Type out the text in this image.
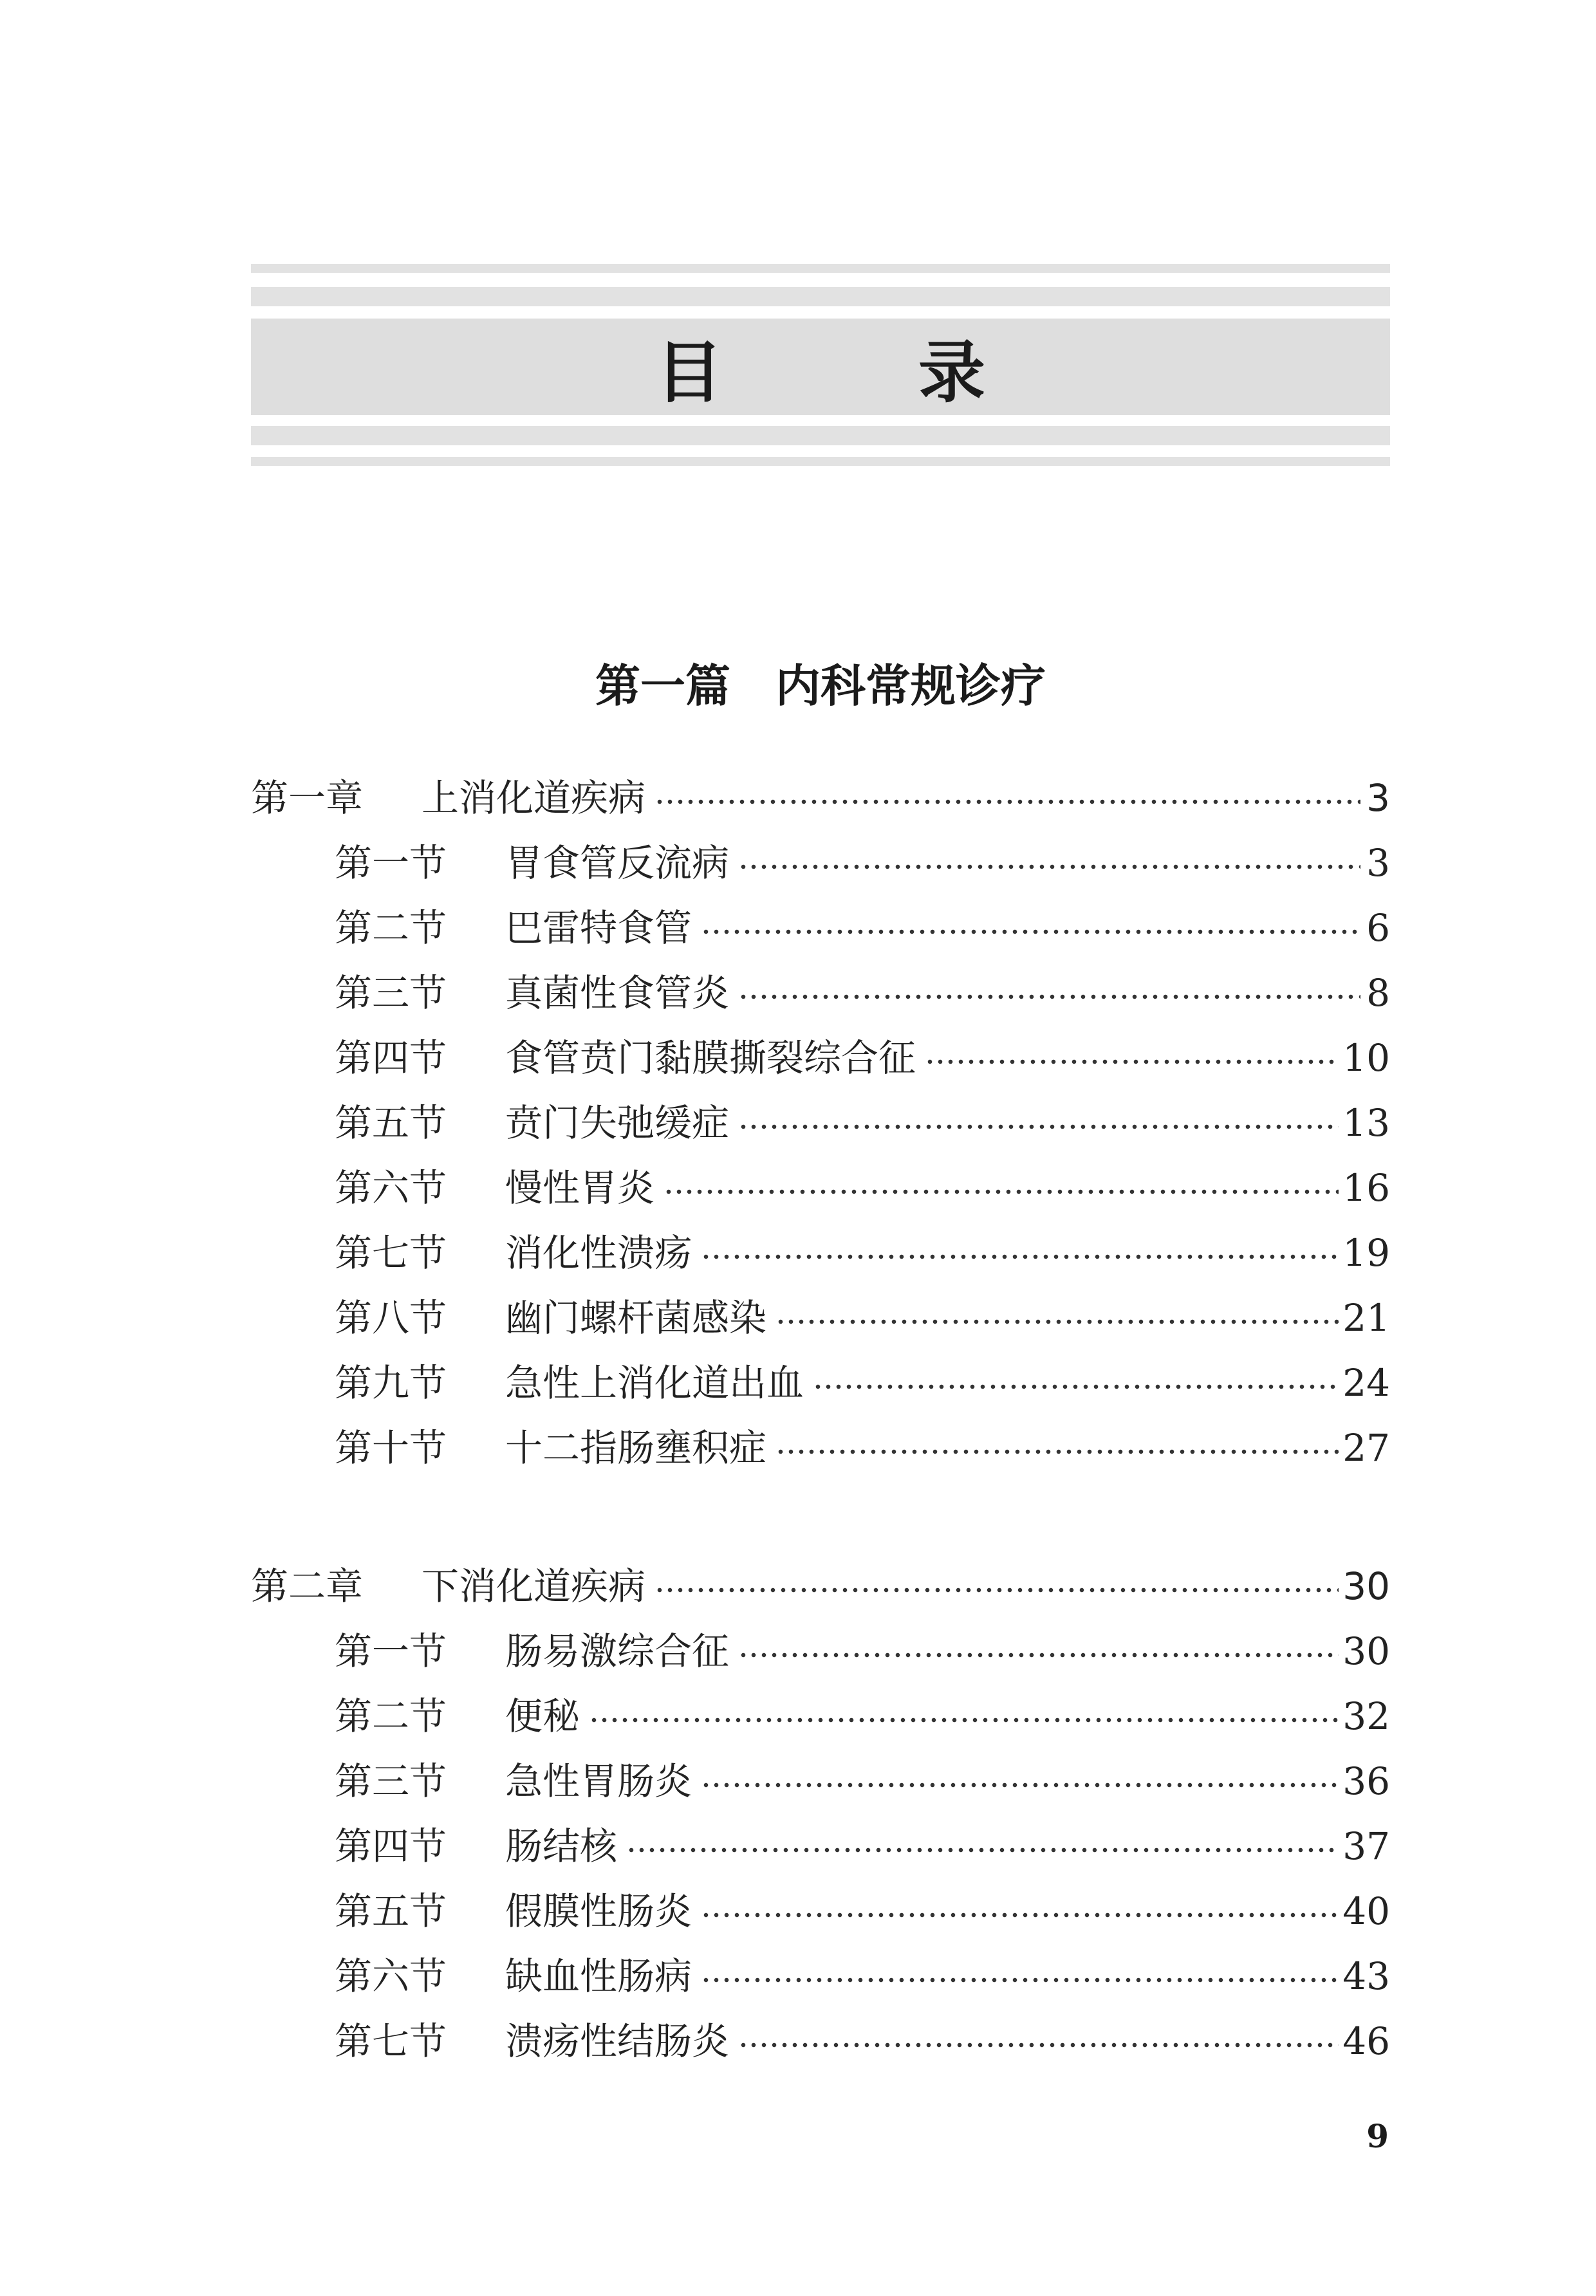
目　录
第一篇　内科常规诊疗
第一章	上消化道疾病	3
第一节	胃食管反流病	3
第二节	巴雷特食管	6
第三节	真菌性食管炎	8
第四节	食管贲门黏膜撕裂综合征	10
第五节	贲门失弛缓症	13
第六节	慢性胃炎	16
第七节	消化性溃疡	19
第八节	幽门螺杆菌感染	21
第九节	急性上消化道出血	24
第十节	十二指肠壅积症	27
第二章	下消化道疾病	30
第一节	肠易激综合征	30
第二节	便秘	32
第三节	急性胃肠炎	36
第四节	肠结核	37
第五节	假膜性肠炎	40
第六节	缺血性肠病	43
第七节	溃疡性结肠炎	46
9
